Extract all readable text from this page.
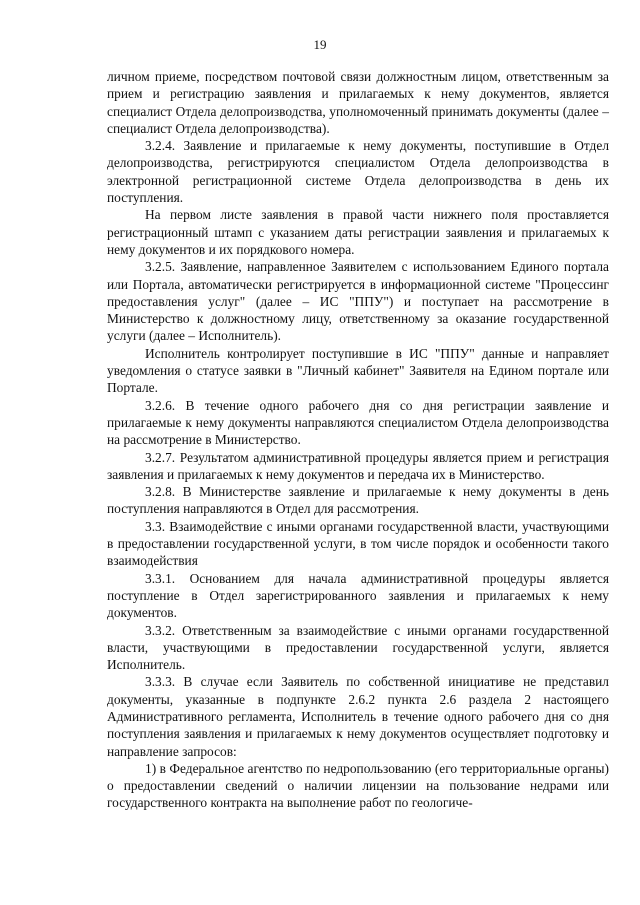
19

личном приеме, посредством почтовой связи должностным лицом, ответственным за прием и регистрацию заявления и прилагаемых к нему документов, является специалист Отдела делопроизводства, уполномоченный принимать документы (далее – специалист Отдела делопроизводства).

3.2.4. Заявление и прилагаемые к нему документы, поступившие в Отдел делопроизводства, регистрируются специалистом Отдела делопроизводства в электронной регистрационной системе Отдела делопроизводства в день их поступления.

На первом листе заявления в правой части нижнего поля проставляется регистрационный штамп с указанием даты регистрации заявления и прилагаемых к нему документов и их порядкового номера.

3.2.5. Заявление, направленное Заявителем с использованием Единого портала или Портала, автоматически регистрируется в информационной системе "Процессинг предоставления услуг" (далее – ИС "ППУ") и поступает на рассмотрение в Министерство к должностному лицу, ответственному за оказание государственной услуги (далее – Исполнитель).

Исполнитель контролирует поступившие в ИС "ППУ" данные и направляет уведомления о статусе заявки в "Личный кабинет" Заявителя на Едином портале или Портале.

3.2.6. В течение одного рабочего дня со дня регистрации заявление и прилагаемые к нему документы направляются специалистом Отдела делопроизводства на рассмотрение в Министерство.

3.2.7. Результатом административной процедуры является прием и регистрация заявления и прилагаемых к нему документов и передача их в Министерство.

3.2.8. В Министерстве заявление и прилагаемые к нему документы в день поступления направляются в Отдел для рассмотрения.

3.3. Взаимодействие с иными органами государственной власти, участвующими в предоставлении государственной услуги, в том числе порядок и особенности такого взаимодействия

3.3.1. Основанием для начала административной процедуры является поступление в Отдел зарегистрированного заявления и прилагаемых к нему документов.

3.3.2. Ответственным за взаимодействие с иными органами государственной власти, участвующими в предоставлении государственной услуги, является Исполнитель.

3.3.3. В случае если Заявитель по собственной инициативе не представил документы, указанные в подпункте 2.6.2 пункта 2.6 раздела 2 настоящего Административного регламента, Исполнитель в течение одного рабочего дня со дня поступления заявления и прилагаемых к нему документов осуществляет подготовку и направление запросов:

1) в Федеральное агентство по недропользованию (его территориальные органы) о предоставлении сведений о наличии лицензии на пользование недрами или государственного контракта на выполнение работ по геологиче-
